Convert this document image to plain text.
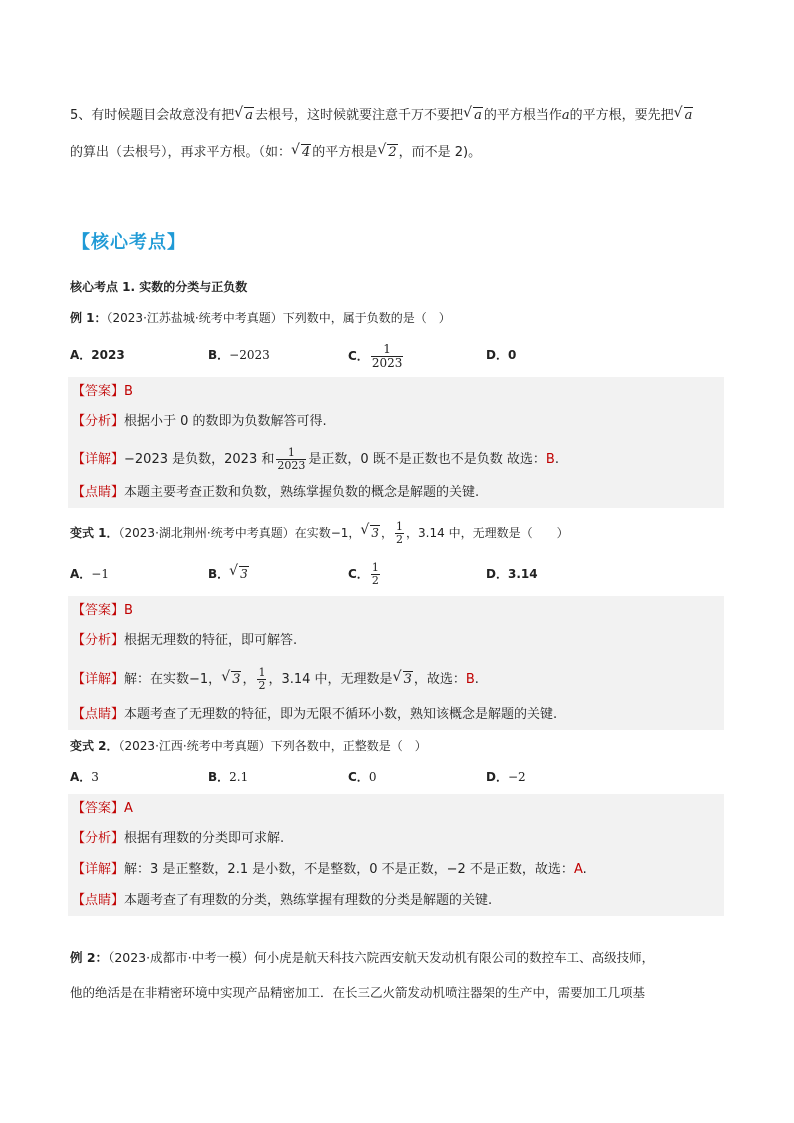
5、有时候题目会故意没有把 √ a 去根号，这时候就要注意千万不要把 √ a 的平方根当作a的平方根，要先把 √ a
的算出（去根号），再求平方根。（如： √ 4 的平方根是 √ 2 ，而不是 2)。
【核心考点】
核心考点 1. 实数的分类与正负数
例 1：（2023·江苏盐城·统考中考真题）下列数中，属于负数的是（　）
A．2023	B．−2023	C． $\frac{1}{2023}$	D．0
【答案】B
【分析】根据小于 0 的数即为负数解答可得.
【详解】−2023 是负数，2023 和 $\frac{1}{2023}$ 是正数，0 既不是正数也不是负数 故选：B.
【点睛】本题主要考查正数和负数，熟练掌握负数的概念是解题的关键.
变式 1．（2023·湖北荆州·统考中考真题）在实数−1， √ 3 ， $\frac{1}{2}$ ，3.14 中，无理数是（　　）
A．−1	B． √ 3	C． $\frac{1}{2}$	D．3.14
【答案】B
【分析】根据无理数的特征，即可解答.
【详解】解：在实数−1， √ 3 ， $\frac{1}{2}$ ，3.14 中，无理数是 √ 3 ，故选：B.
【点睛】本题考查了无理数的特征，即为无限不循环小数，熟知该概念是解题的关键.
变式 2．（2023·江西·统考中考真题）下列各数中，正整数是（　）
A．3	B．2.1	C．0	D．−2
【答案】A
【分析】根据有理数的分类即可求解.
【详解】解：3 是正整数，2.1 是小数，不是整数，0 不是正数，−2 不是正数，故选：A.
【点睛】本题考查了有理数的分类，熟练掌握有理数的分类是解题的关键.
例 2：（2023·成都市·中考一模）何小虎是航天科技六院西安航天发动机有限公司的数控车工、高级技师，
他的绝活是在非精密环境中实现产品精密加工．在长三乙火箭发动机喷注器架的生产中，需要加工几项基
